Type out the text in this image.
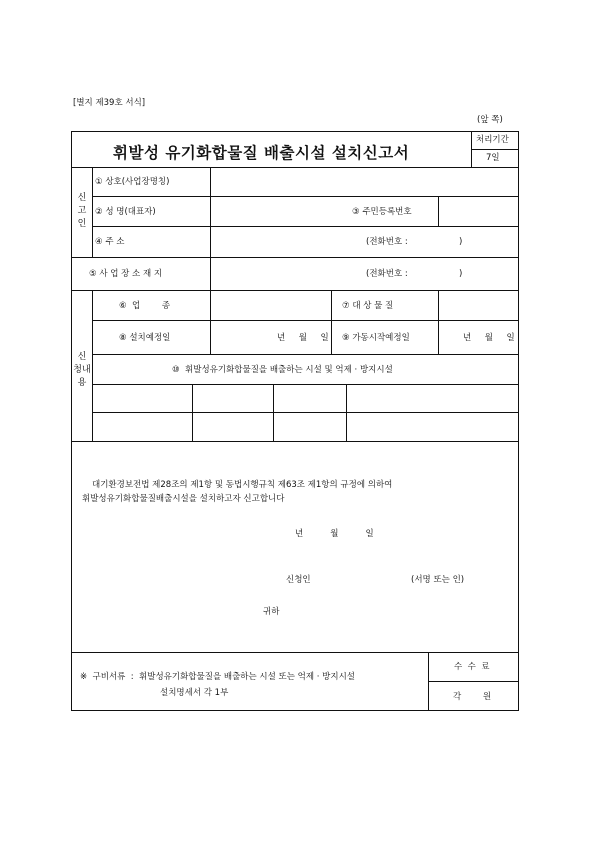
[별지 제39호 서식]
(앞 쪽)
휘발성 유기화합물질 배출시설 설치신고서
처리기간
7일
신
고
인
① 상호(사업장명칭)
② 성 명(대표자)	③ 주민등록번호
④ 주 소	(전화번호 :                   )
⑤ 사 업 장 소 재 지	(전화번호 :                   )
신
청내
용
⑥  업        종	⑦ 대 상 물 질
⑧ 설치예정일	년     월     일 ⑨ 가동시작예정일	년     월     일
⑩  휘발성유기화합물질을 배출하는 시설 및 억제 · 방지시설
대기환경보전법 제28조의 제1항 및 동법시행규칙 제63조 제1항의 규정에 의하여
휘발성유기화합물질배출시설을 설치하고자 신고합니다
년          월          일
신청인	(서명 또는 인)
귀하
※  구비서류  :  휘발성유기화합물질을 배출하는 시설 또는 억제 · 방지시설
설치명세서 각 1부
수  수  료
각        원
